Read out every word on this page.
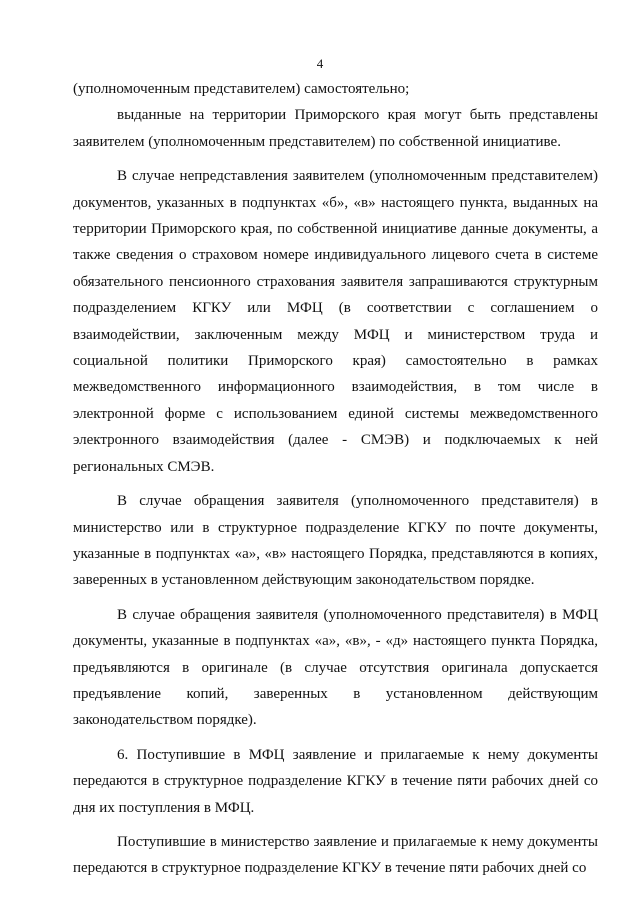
4

(уполномоченным представителем) самостоятельно;

выданные на территории Приморского края могут быть представлены заявителем (уполномоченным представителем) по собственной инициативе.

В случае непредставления заявителем (уполномоченным представителем) документов, указанных в подпунктах «б», «в» настоящего пункта, выданных на территории Приморского края, по собственной инициативе данные документы, а также сведения о страховом номере индивидуального лицевого счета в системе обязательного пенсионного страхования заявителя запрашиваются структурным подразделением КГКУ или МФЦ (в соответствии с соглашением о взаимодействии, заключенным между МФЦ и министерством труда и социальной политики Приморского края) самостоятельно в рамках межведомственного информационного взаимодействия, в том числе в электронной форме с использованием единой системы межведомственного электронного взаимодействия (далее - СМЭВ) и подключаемых к ней региональных СМЭВ.

В случае обращения заявителя (уполномоченного представителя) в министерство или в структурное подразделение КГКУ по почте документы, указанные в подпунктах «а», «в» настоящего Порядка, представляются в копиях, заверенных в установленном действующим законодательством порядке.

В случае обращения заявителя (уполномоченного представителя) в МФЦ документы, указанные в подпунктах «а», «в», - «д» настоящего пункта Порядка, предъявляются в оригинале (в случае отсутствия оригинала допускается предъявление копий, заверенных в установленном действующим законодательством порядке).

6. Поступившие в МФЦ заявление и прилагаемые к нему документы передаются в структурное подразделение КГКУ в течение пяти рабочих дней со дня их поступления в МФЦ.

Поступившие в министерство заявление и прилагаемые к нему документы передаются в структурное подразделение КГКУ в течение пяти рабочих дней со
